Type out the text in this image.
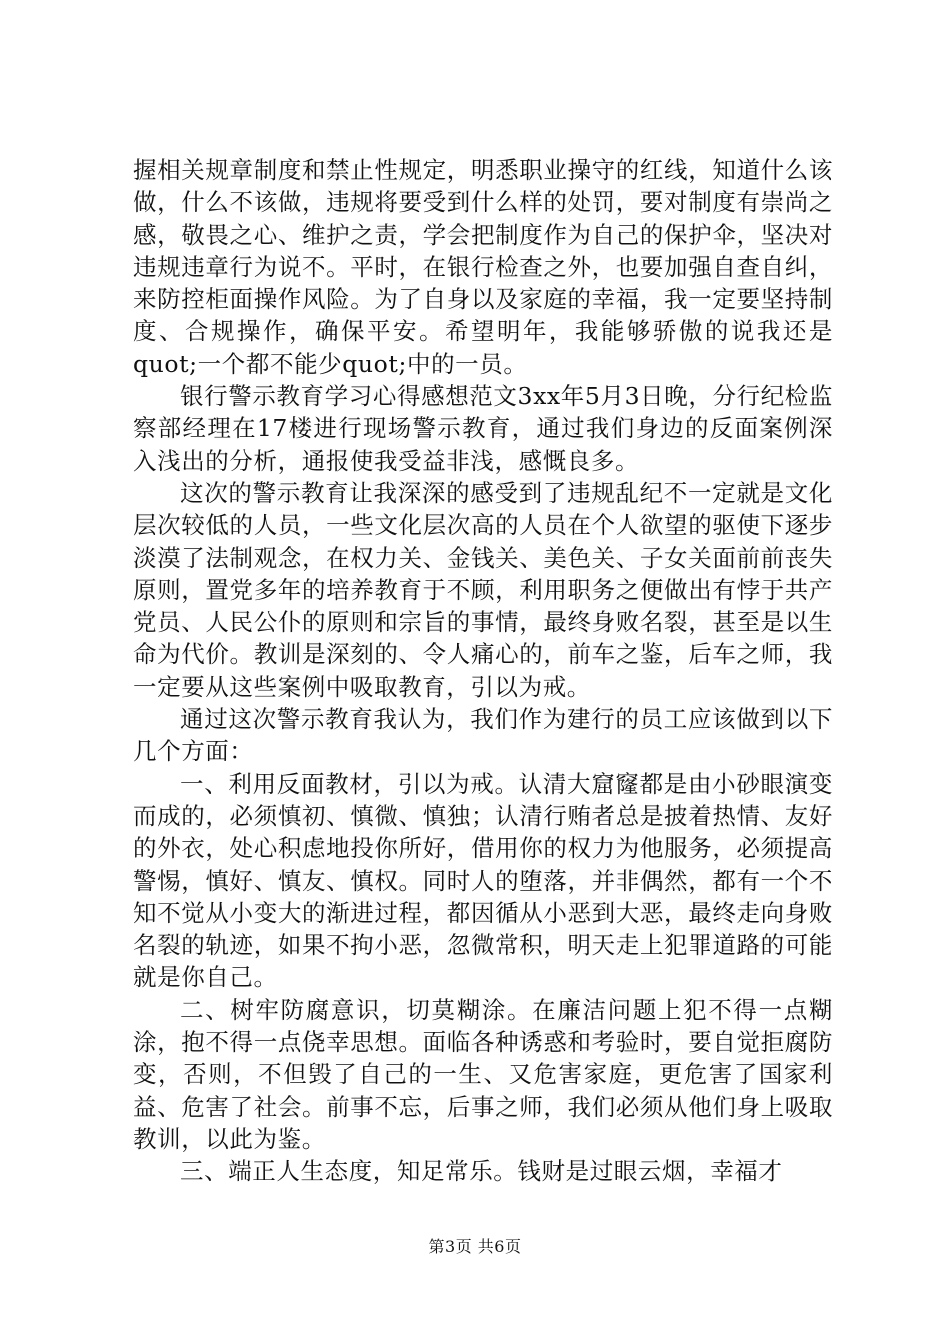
握相关规章制度和禁止性规定，明悉职业操守的红线，知道什么该做，什么不该做，违规将要受到什么样的处罚，要对制度有崇尚之感，敬畏之心、维护之责，学会把制度作为自己的保护伞，坚决对违规违章行为说不。平时，在银行检查之外，也要加强自查自纠，来防控柜面操作风险。为了自身以及家庭的幸福，我一定要坚持制度、合规操作，确保平安。希望明年，我能够骄傲的说我还是quot;一个都不能少quot;中的一员。

银行警示教育学习心得感想范文3xx年5月3日晚，分行纪检监察部经理在17楼进行现场警示教育，通过我们身边的反面案例深入浅出的分析，通报使我受益非浅，感慨良多。

这次的警示教育让我深深的感受到了违规乱纪不一定就是文化层次较低的人员，一些文化层次高的人员在个人欲望的驱使下逐步淡漠了法制观念，在权力关、金钱关、美色关、子女关面前前丧失原则，置党多年的培养教育于不顾，利用职务之便做出有悖于共产党员、人民公仆的原则和宗旨的事情，最终身败名裂，甚至是以生命为代价。教训是深刻的、令人痛心的，前车之鉴，后车之师，我一定要从这些案例中吸取教育，引以为戒。

通过这次警示教育我认为，我们作为建行的员工应该做到以下几个方面：

一、利用反面教材，引以为戒。认清大窟窿都是由小砂眼演变而成的，必须慎初、慎微、慎独；认清行贿者总是披着热情、友好的外衣，处心积虑地投你所好，借用你的权力为他服务，必须提高警惕，慎好、慎友、慎权。同时人的堕落，并非偶然，都有一个不知不觉从小变大的渐进过程，都因循从小恶到大恶，最终走向身败名裂的轨迹，如果不拘小恶，忽微常积，明天走上犯罪道路的可能就是你自己。

二、树牢防腐意识，切莫糊涂。在廉洁问题上犯不得一点糊涂，抱不得一点侥幸思想。面临各种诱惑和考验时，要自觉拒腐防变，否则，不但毁了自己的一生、又危害家庭，更危害了国家利益、危害了社会。前事不忘，后事之师，我们必须从他们身上吸取教训，以此为鉴。

三、端正人生态度，知足常乐。钱财是过眼云烟，幸福才

第3页 共6页
